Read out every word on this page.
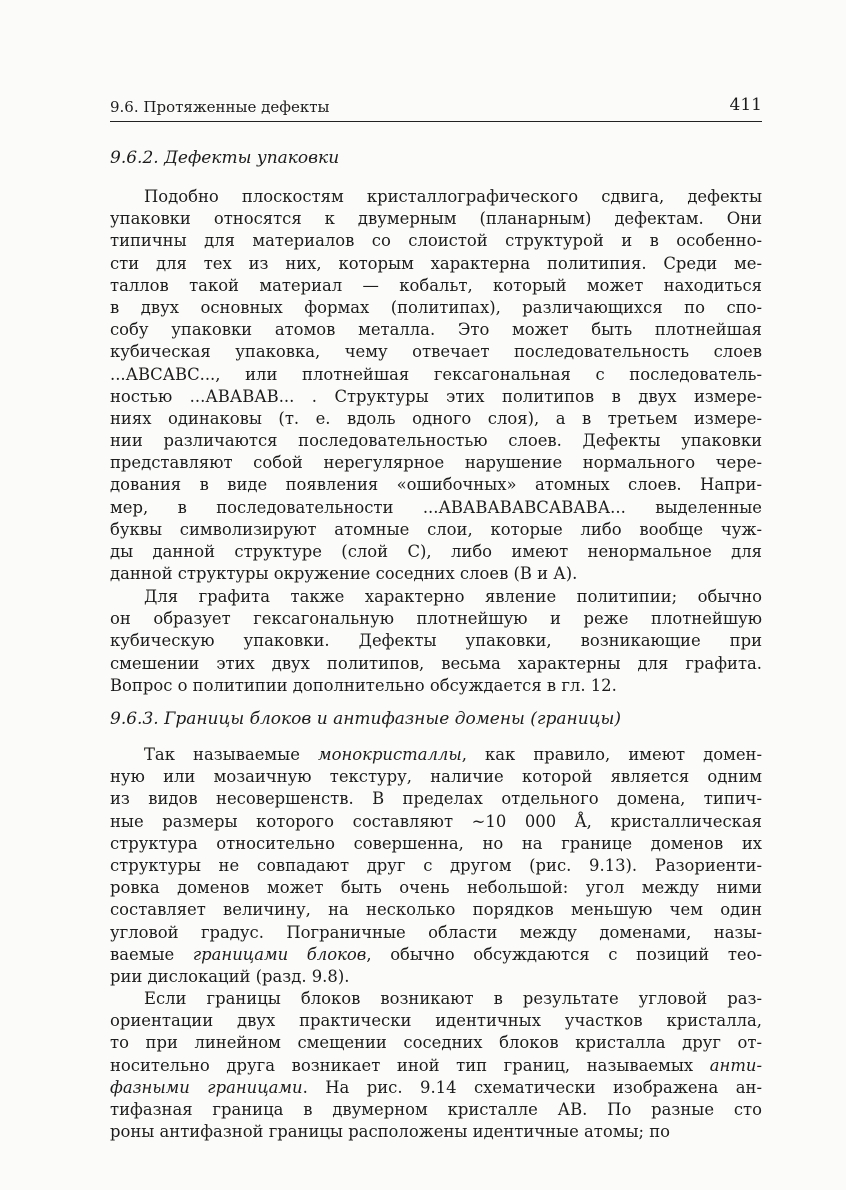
9.6. Протяженные дефекты	411
9.6.2. Дефекты упаковки
Подобно плоскостям кристаллографического сдвига, дефекты
упаковки относятся к двумерным (планарным) дефектам. Они
типичны для материалов со слоистой структурой и в особенно-
сти для тех из них, которым характерна политипия. Среди ме-
таллов такой материал — кобальт, который может находиться
в двух основных формах (политипах), различающихся по спо-
собу упаковки атомов металла. Это может быть плотнейшая
кубическая упаковка, чему отвечает последовательность слоев
...АВСАВС..., или плотнейшая гексагональная с последователь-
ностью ...АВАВАВ... . Структуры этих политипов в двух измере-
ниях одинаковы (т. е. вдоль одного слоя), а в третьем измере-
нии различаются последовательностью слоев. Дефекты упаковки
представляют собой нерегулярное нарушение нормального чере-
дования в виде появления «ошибочных» атомных слоев. Напри-
мер, в последовательности ...АВАВАВАВСАВАВА... выделенные
буквы символизируют атомные слои, которые либо вообще чуж-
ды данной структуре (слой С), либо имеют ненормальное для
данной структуры окружение соседних слоев (В и А).
Для графита также характерно явление политипии; обычно
он образует гексагональную плотнейшую и реже плотнейшую
кубическую упаковки. Дефекты упаковки, возникающие при
смешении этих двух политипов, весьма характерны для графита.
Вопрос о политипии дополнительно обсуждается в гл. 12.
9.6.3. Границы блоков и антифазные домены (границы)
Так называемые монокристаллы, как правило, имеют домен-
ную или мозаичную текстуру, наличие которой является одним
из видов несовершенств. В пределах отдельного домена, типич-
ные размеры которого составляют ~10 000 Å, кристаллическая
структура относительно совершенна, но на границе доменов их
структуры не совпадают друг с другом (рис. 9.13). Разориенти-
ровка доменов может быть очень небольшой: угол между ними
составляет величину, на несколько порядков меньшую чем один
угловой градус. Пограничные области между доменами, назы-
ваемые границами блоков, обычно обсуждаются с позиций тео-
рии дислокаций (разд. 9.8).
Если границы блоков возникают в результате угловой раз-
ориентации двух практически идентичных участков кристалла,
то при линейном смещении соседних блоков кристалла друг от-
носительно друга возникает иной тип границ, называемых анти-
фазными границами. На рис. 9.14 схематически изображена ан-
тифазная граница в двумерном кристалле АВ. По разные сто
роны антифазной границы расположены идентичные атомы; по
